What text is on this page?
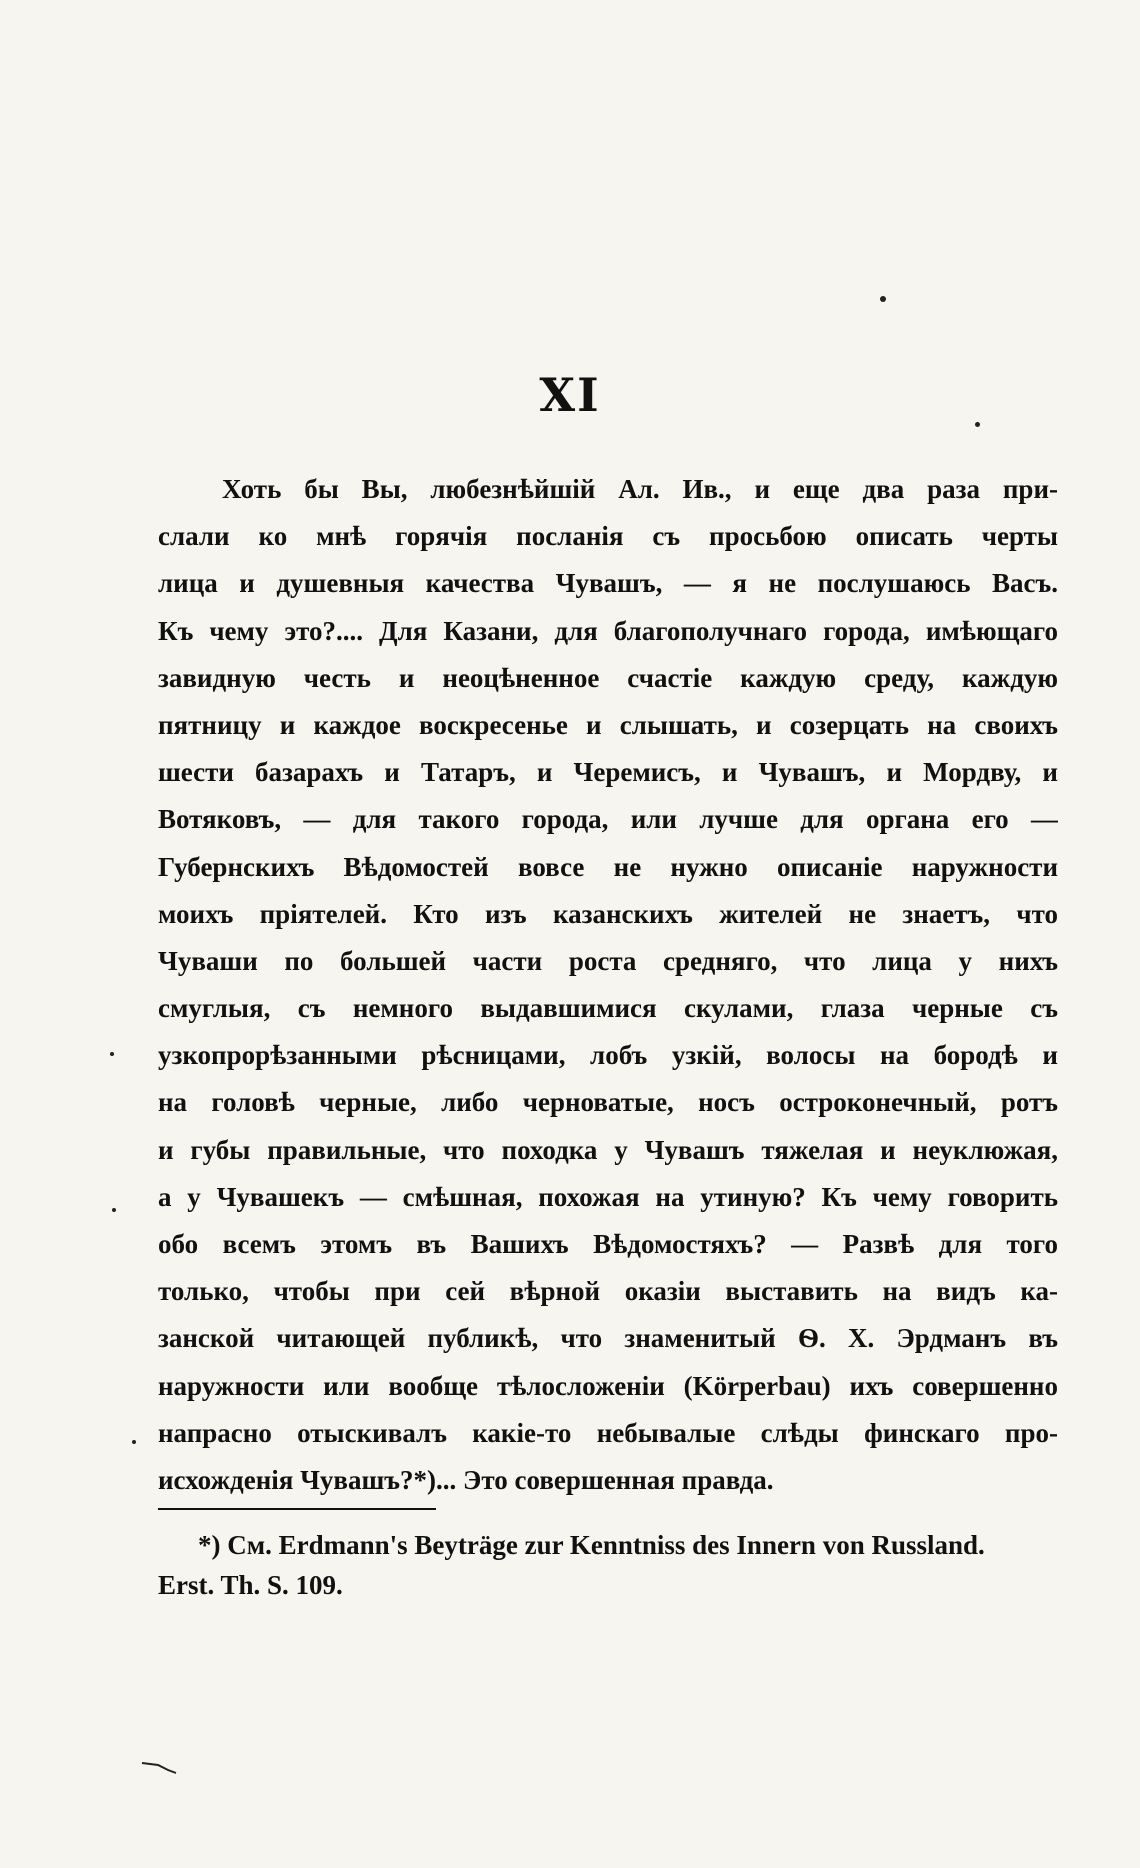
XI
Хоть бы Вы, любезнѣйшій Ал. Ив., и еще два раза при-
слали ко мнѣ горячія посланія съ просьбою описать черты
лица и душевныя качества Чувашъ, — я не послушаюсь Васъ.
Къ чему это?.... Для Казани, для благополучнаго города, имѣющаго
завидную честь и неоцѣненное счастіе каждую среду, каждую
пятницу и каждое воскресенье и слышать, и созерцать на своихъ
шести базарахъ и Татаръ, и Черемисъ, и Чувашъ, и Мордву, и
Вотяковъ, — для такого города, или лучше для органа его —
Губернскихъ Вѣдомостей вовсе не нужно описаніе наружности
моихъ пріятелей. Кто изъ казанскихъ жителей не знаетъ, что
Чуваши по большей части роста средняго, что лица у нихъ
смуглыя, съ немного выдавшимися скулами, глаза черные съ
узкопрорѣзанными рѣсницами, лобъ узкій, волосы на бородѣ и
на головѣ черные, либо черноватые, носъ остроконечный, ротъ
и губы правильные, что походка у Чувашъ тяжелая и неуклюжая,
а у Чувашекъ — смѣшная, похожая на утиную? Къ чему говорить
обо всемъ этомъ въ Вашихъ Вѣдомостяхъ? — Развѣ для того
только, чтобы при сей вѣрной оказіи выставить на видъ ка-
занской читающей публикѣ, что знаменитый Ѳ. Х. Эрдманъ въ
наружности или вообще тѣлосложеніи (Körperbau) ихъ совершенно
напрасно отыскивалъ какіе-то небывалые слѣды финскаго про-
исхожденія Чувашъ?*)... Это совершенная правда.
*) См. Erdmann's Beyträge zur Kenntniss des Innern von Russland.
Erst. Th. S. 109.
